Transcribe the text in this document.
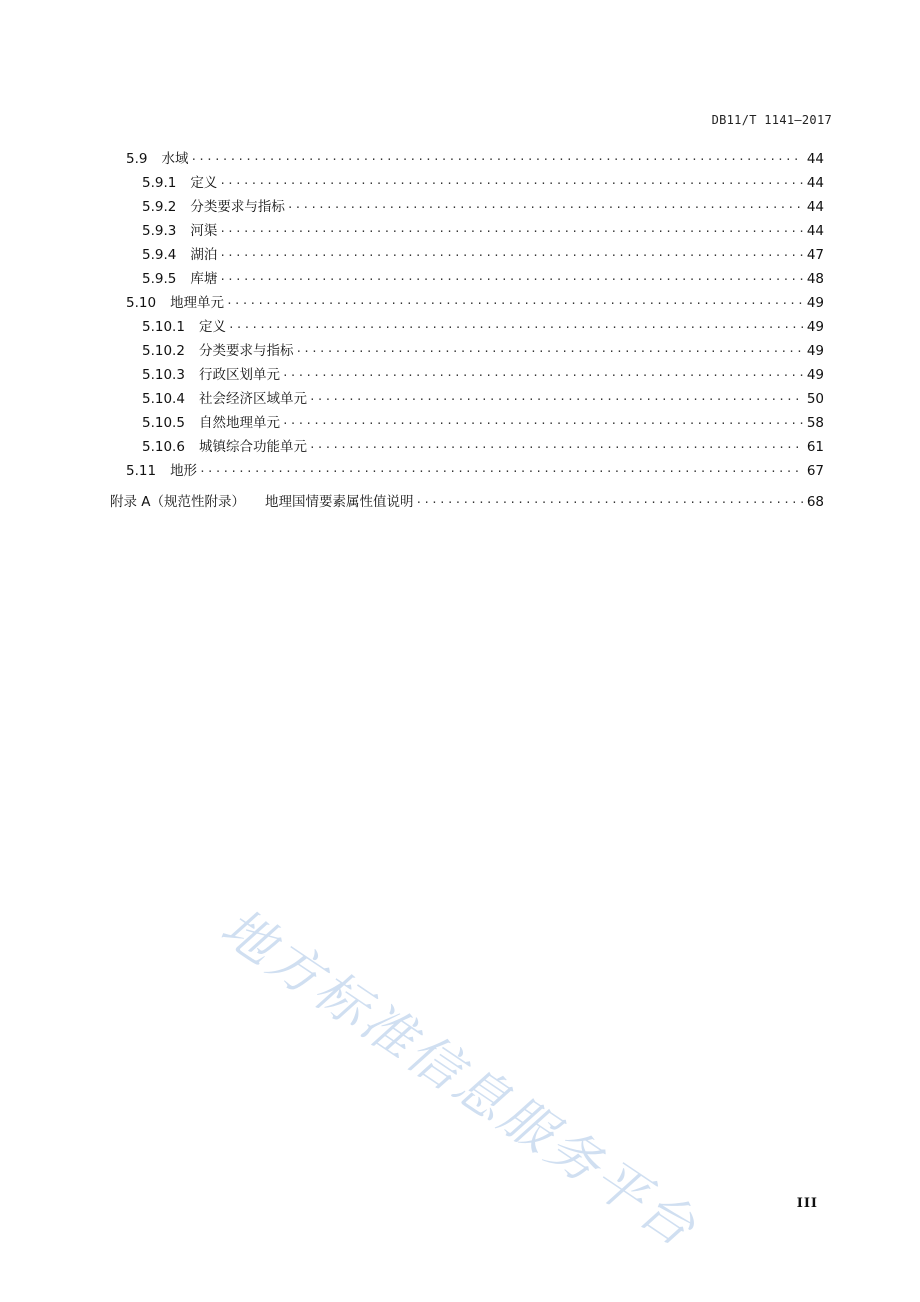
DB11/T 1141—2017
5.9 水域 .....	44
5.9.1 定义 .....	44
5.9.2 分类要求与指标 .....	44
5.9.3 河渠 .....	44
5.9.4 湖泊 .....	47
5.9.5 库塘 .....	48
5.10 地理单元 .....	49
5.10.1 定义 .....	49
5.10.2 分类要求与指标 .....	49
5.10.3 行政区划单元 .....	49
5.10.4 社会经济区域单元 .....	50
5.10.5 自然地理单元 .....	58
5.10.6 城镇综合功能单元 .....	61
5.11 地形 .....	67
附录 A（规范性附录） 地理国情要素属性值说明 .....	68
地方标准信息服务平台	III
